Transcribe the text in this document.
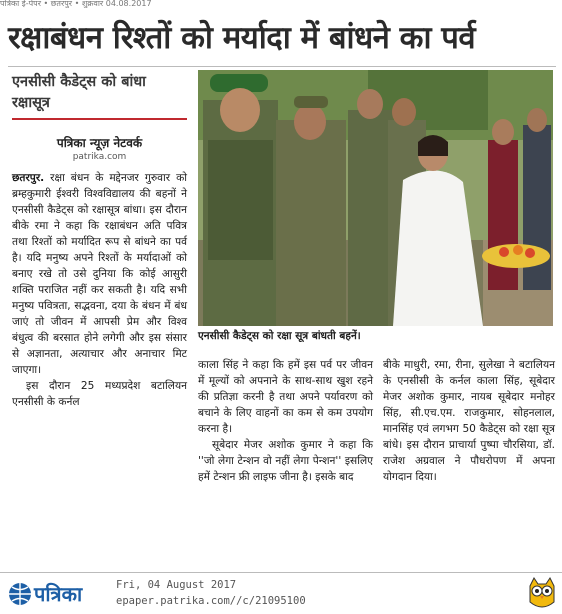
पत्रिका ई-पेपर • छतरपुर • शुक्रवार 04.08.2017
रक्षाबंधन रिश्तों को मर्यादा में बांधने का पर्व
एनसीसी कैडेट्स को बांधा रक्षासूत्र
पत्रिका न्यूज़ नेटवर्क
patrika.com

छतरपुर. रक्षा बंधन के मद्देनजर गुरुवार को ब्रम्हकुमारी ईश्वरी विश्वविद्यालय की बहनों ने एनसीसी कैडेट्स को रक्षासूत्र बांधा। इस दौरान बीके रमा ने कहा कि रक्षाबंधन अति पवित्र तथा रिश्तों को मर्यादित रूप से बांधने का पर्व है। यदि मनुष्य अपने रिश्तों के मर्यादाओं को बनाए रखे तो उसे दुनिया कि कोई आसुरी शक्ति पराजित नहीं कर सकती है। यदि सभी मनुष्य पवित्रता, सद्भवना, दया के बंधन में बंध जाएं तो जीवन में आपसी प्रेम और विश्व बंधुत्व की बरसात होने लगेगी और इस संसार से अज्ञानता, अत्याचार और अनाचार मिट जाएगा।

इस दौरान 25 मध्यप्रदेश बटालियन एनसीसी के कर्नल

एनसीसी कैडेट्स को रक्षा सूत्र बांधती बहनें।

काला सिंह ने कहा कि हमें इस पर्व पर जीवन में मूल्यों को अपनाने के साथ-साथ खुश रहने की प्रतिज्ञा करनी है तथा अपने पर्यावरण को बचाने के लिए वाहनों का कम से कम उपयोग करना है।

सूबेदार मेजर अशोक कुमार ने कहा कि ''जो लेगा टेन्शन वो नहीं लेगा पेन्शन'' इसलिए हमें टेन्शन फ्री लाइफ जीना है। इसके बाद

बीके माधुरी, रमा, रीना, सुलेखा ने बटालियन के एनसीसी के कर्नल काला सिंह, सूबेदार मेजर अशोक कुमार, नायब सूबेदार मनोहर सिंह, सी.एच.एम. राजकुमार, सोहनलाल, मानसिंह एवं लगभग 50 कैडेट्स को रक्षा सूत्र बांधे। इस दौरान प्राचार्या पुष्पा चौरसिया, डॉ. राजेश अग्रवाल ने पौधरोपण में अपना योगदान दिया।

पत्रिका	Fri, 04 August 2017
epaper.patrika.com//c/21095100
